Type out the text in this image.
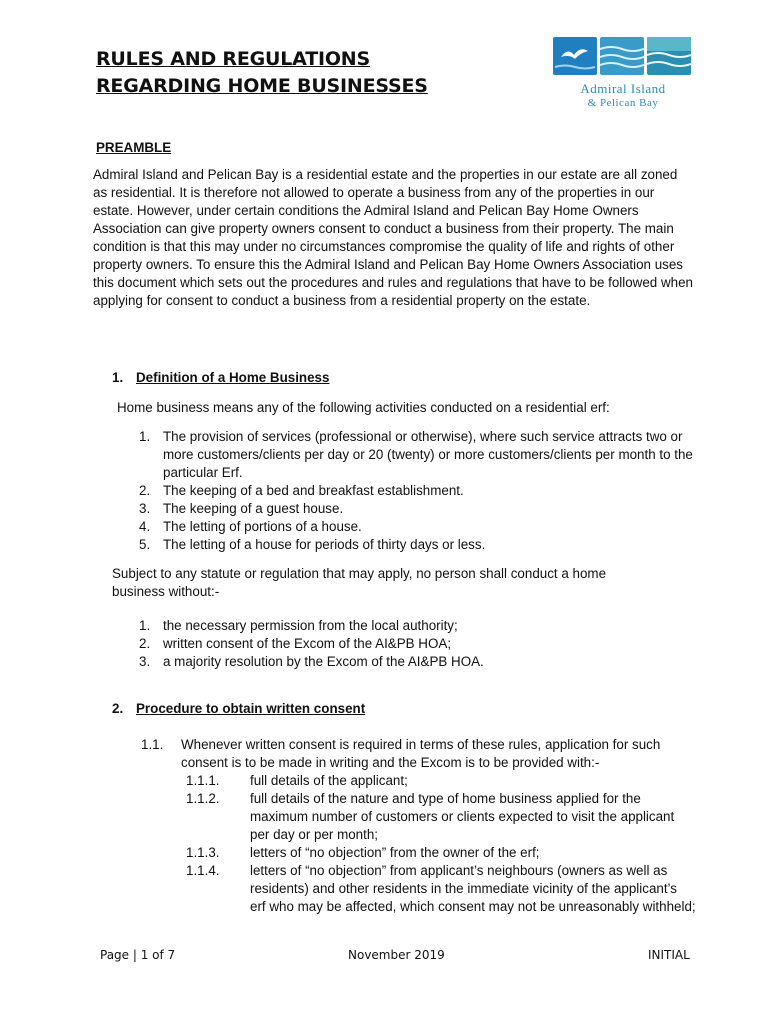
RULES AND REGULATIONS
REGARDING HOME BUSINESSES	Admiral Island
& Pelican Bay
PREAMBLE

Admiral Island and Pelican Bay is a residential estate and the properties in our estate are all zoned as residential. It is therefore not allowed to operate a business from any of the properties in our estate. However, under certain conditions the Admiral Island and Pelican Bay Home Owners Association can give property owners consent to conduct a business from their property. The main condition is that this may under no circumstances compromise the quality of life and rights of other property owners. To ensure this the Admiral Island and Pelican Bay Home Owners Association uses this document which sets out the procedures and rules and regulations that have to be followed when applying for consent to conduct a business from a residential property on the estate.

1. Definition of a Home Business
Home business means any of the following activities conducted on a residential erf:
1. The provision of services (professional or otherwise), where such service attracts two or more customers/clients per day or 20 (twenty) or more customers/clients per month to the particular Erf.
2. The keeping of a bed and breakfast establishment.
3. The keeping of a guest house.
4. The letting of portions of a house.
5. The letting of a house for periods of thirty days or less.
Subject to any statute or regulation that may apply, no person shall conduct a home business without:-
1. the necessary permission from the local authority;
2. written consent of the Excom of the AI&PB HOA;
3. a majority resolution by the Excom of the AI&PB HOA.
2. Procedure to obtain written consent
1.1. Whenever written consent is required in terms of these rules, application for such consent is to be made in writing and the Excom is to be provided with:-
1.1.1. full details of the applicant;
1.1.2. full details of the nature and type of home business applied for the maximum number of customers or clients expected to visit the applicant per day or per month;
1.1.3. letters of “no objection” from the owner of the erf;
1.1.4. letters of “no objection” from applicant’s neighbours (owners as well as residents) and other residents in the immediate vicinity of the applicant’s erf who may be affected, which consent may not be unreasonably withheld;
Page | 1 of 7	November 2019	INITIAL
